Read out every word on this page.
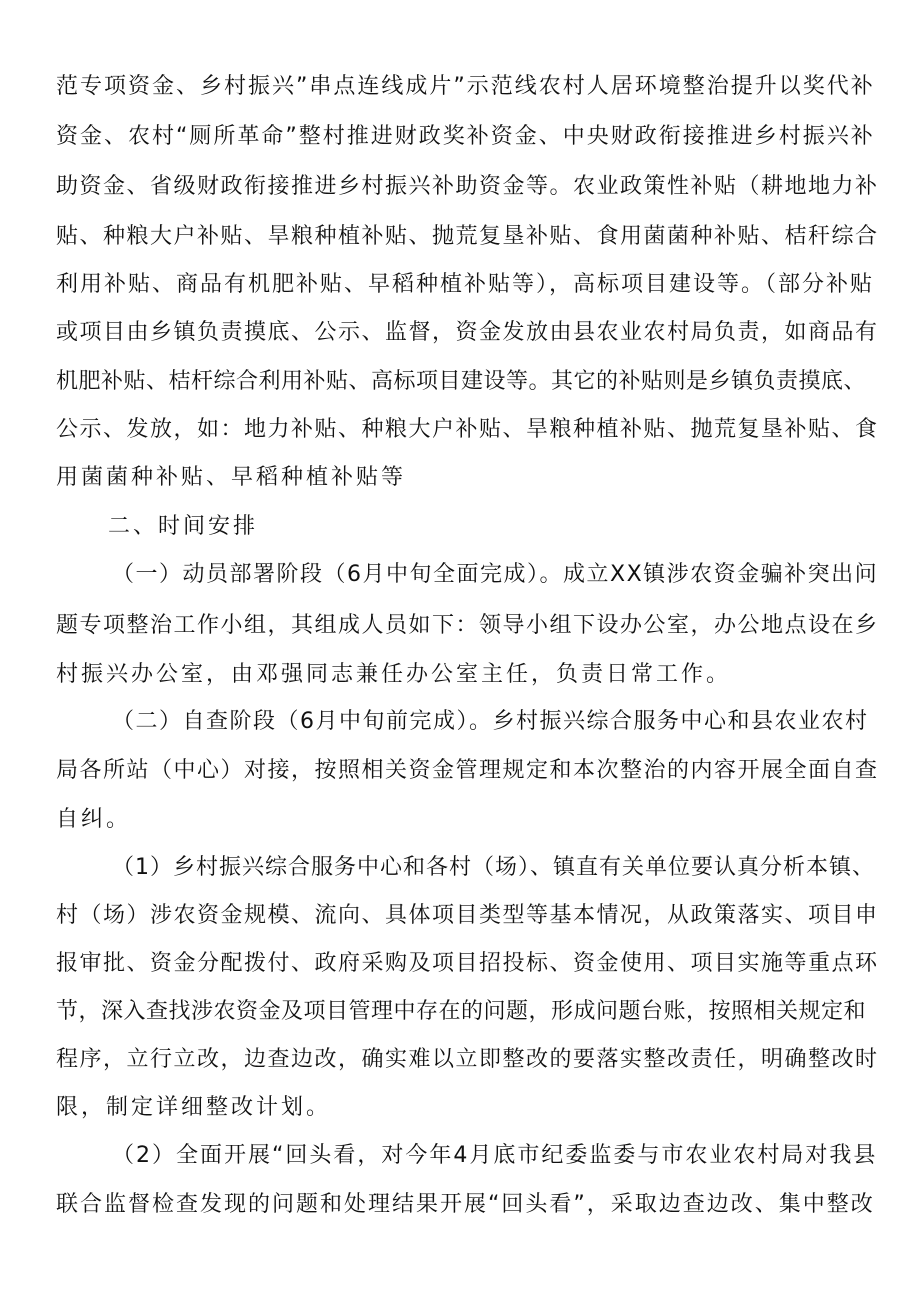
范专项资金、乡村振兴”串点连线成片”示范线农村人居环境整治提升以奖代补
资金、农村“厕所革命”整村推进财政奖补资金、中央财政衔接推进乡村振兴补
助资金、省级财政衔接推进乡村振兴补助资金等。农业政策性补贴（耕地地力补
贴、种粮大户补贴、旱粮种植补贴、抛荒复垦补贴、食用菌菌种补贴、桔秆综合
利用补贴、商品有机肥补贴、早稻种植补贴等），高标项目建设等。（部分补贴
或项目由乡镇负责摸底、公示、监督，资金发放由县农业农村局负责，如商品有
机肥补贴、桔杆综合利用补贴、高标项目建设等。其它的补贴则是乡镇负责摸底、
公示、发放，如：地力补贴、种粮大户补贴、旱粮种植补贴、抛荒复垦补贴、食
用菌菌种补贴、早稻种植补贴等
二、时间安排
（一）动员部署阶段（6月中旬全面完成）。成立XX镇涉农资金骗补突出问
题专项整治工作小组，其组成人员如下：领导小组下设办公室，办公地点设在乡
村振兴办公室，由邓强同志兼任办公室主任，负责日常工作。
（二）自查阶段（6月中旬前完成）。乡村振兴综合服务中心和县农业农村
局各所站（中心）对接，按照相关资金管理规定和本次整治的内容开展全面自查
自纠。
（1）乡村振兴综合服务中心和各村（场）、镇直有关单位要认真分析本镇、
村（场）涉农资金规模、流向、具体项目类型等基本情况，从政策落实、项目申
报审批、资金分配拨付、政府采购及项目招投标、资金使用、项目实施等重点环
节，深入查找涉农资金及项目管理中存在的问题，形成问题台账，按照相关规定和
程序，立行立改，边查边改，确实难以立即整改的要落实整改责任，明确整改时
限，制定详细整改计划。
（2）全面开展“回头看，对今年4月底市纪委监委与市农业农村局对我县
联合监督检查发现的问题和处理结果开展“回头看”，采取边查边改、集中整改
